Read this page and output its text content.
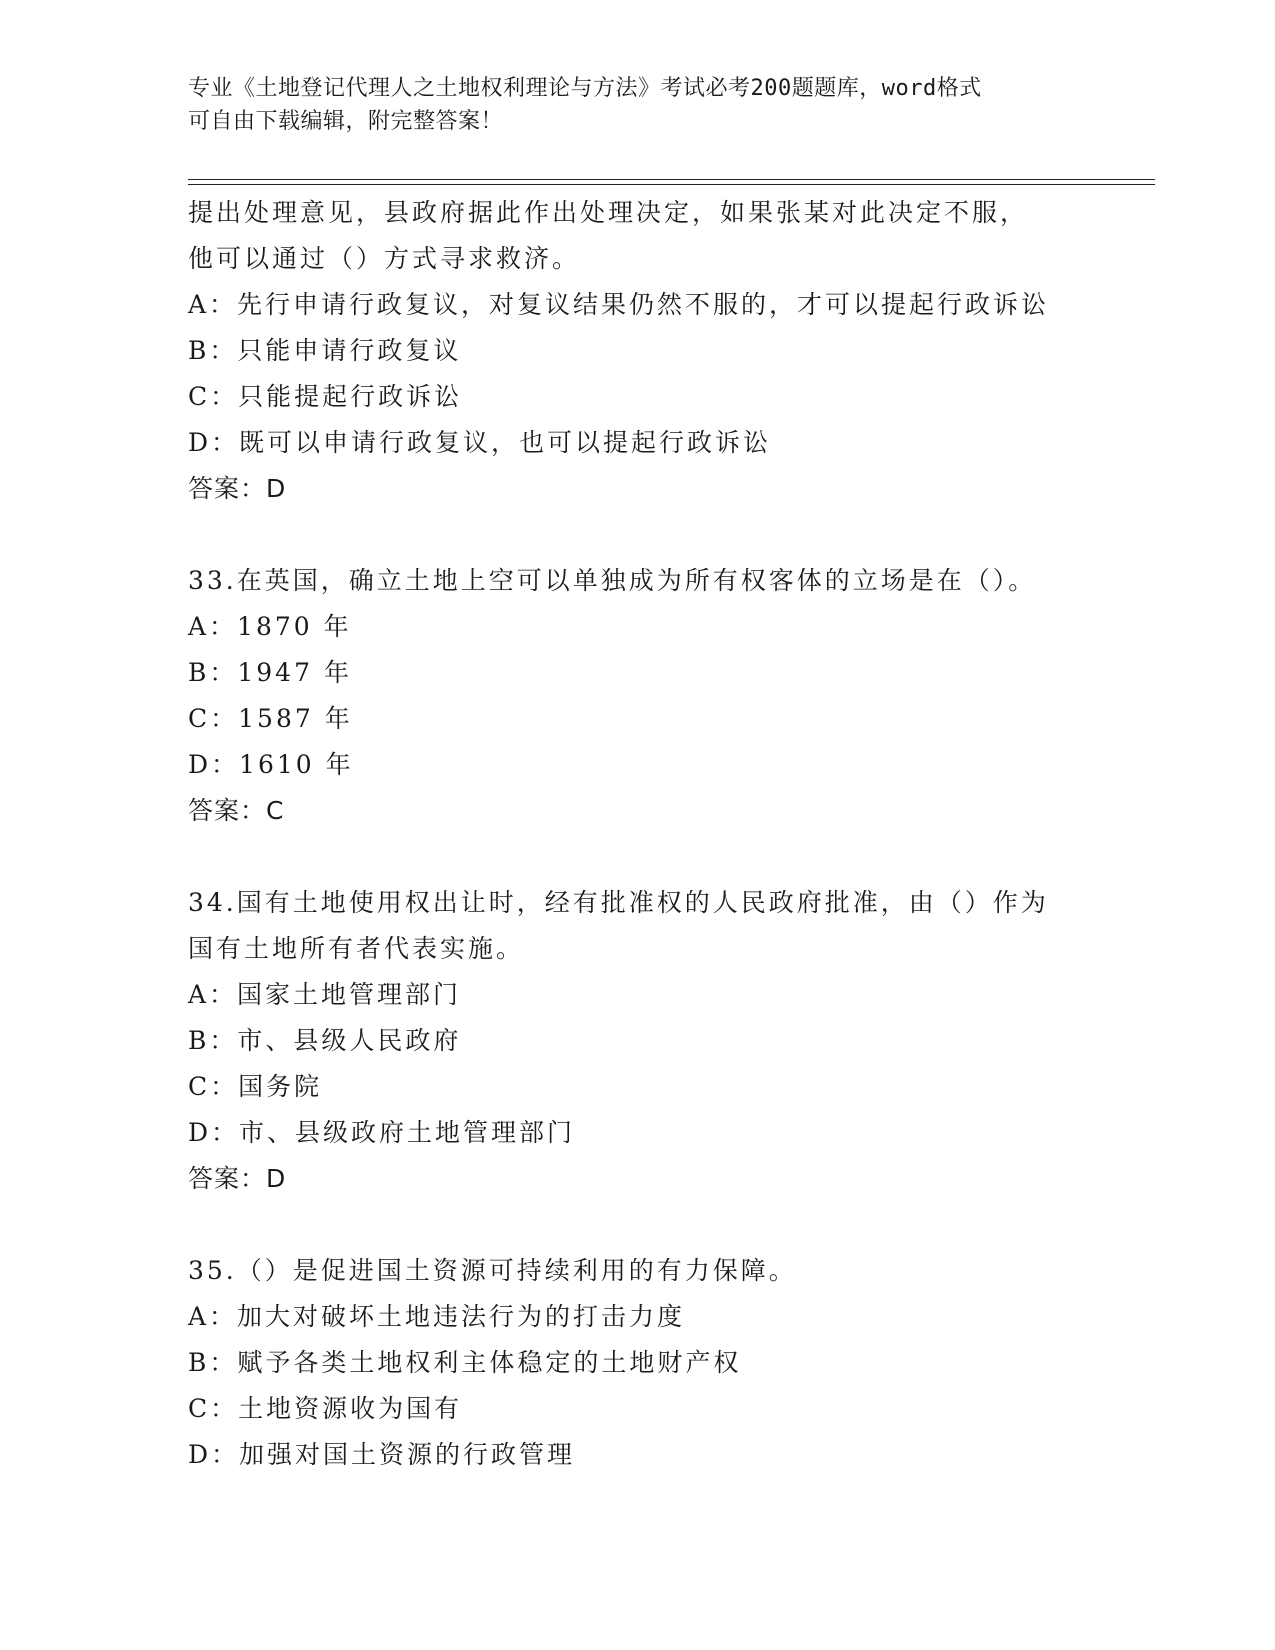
专业《土地登记代理人之土地权利理论与方法》考试必考200题题库，word格式
可自由下载编辑，附完整答案！
提出处理意见，县政府据此作出处理决定，如果张某对此决定不服，
他可以通过（）方式寻求救济。
A：先行申请行政复议，对复议结果仍然不服的，才可以提起行政诉讼
B：只能申请行政复议
C：只能提起行政诉讼
D：既可以申请行政复议，也可以提起行政诉讼
答案：D
33.在英国，确立土地上空可以单独成为所有权客体的立场是在（）。
A：1870 年
B：1947 年
C：1587 年
D：1610 年
答案：C
34.国有土地使用权出让时，经有批准权的人民政府批准，由（）作为
国有土地所有者代表实施。
A：国家土地管理部门
B：市、县级人民政府
C：国务院
D：市、县级政府土地管理部门
答案：D
35.（）是促进国土资源可持续利用的有力保障。
A：加大对破坏土地违法行为的打击力度
B：赋予各类土地权利主体稳定的土地财产权
C：土地资源收为国有
D：加强对国土资源的行政管理
